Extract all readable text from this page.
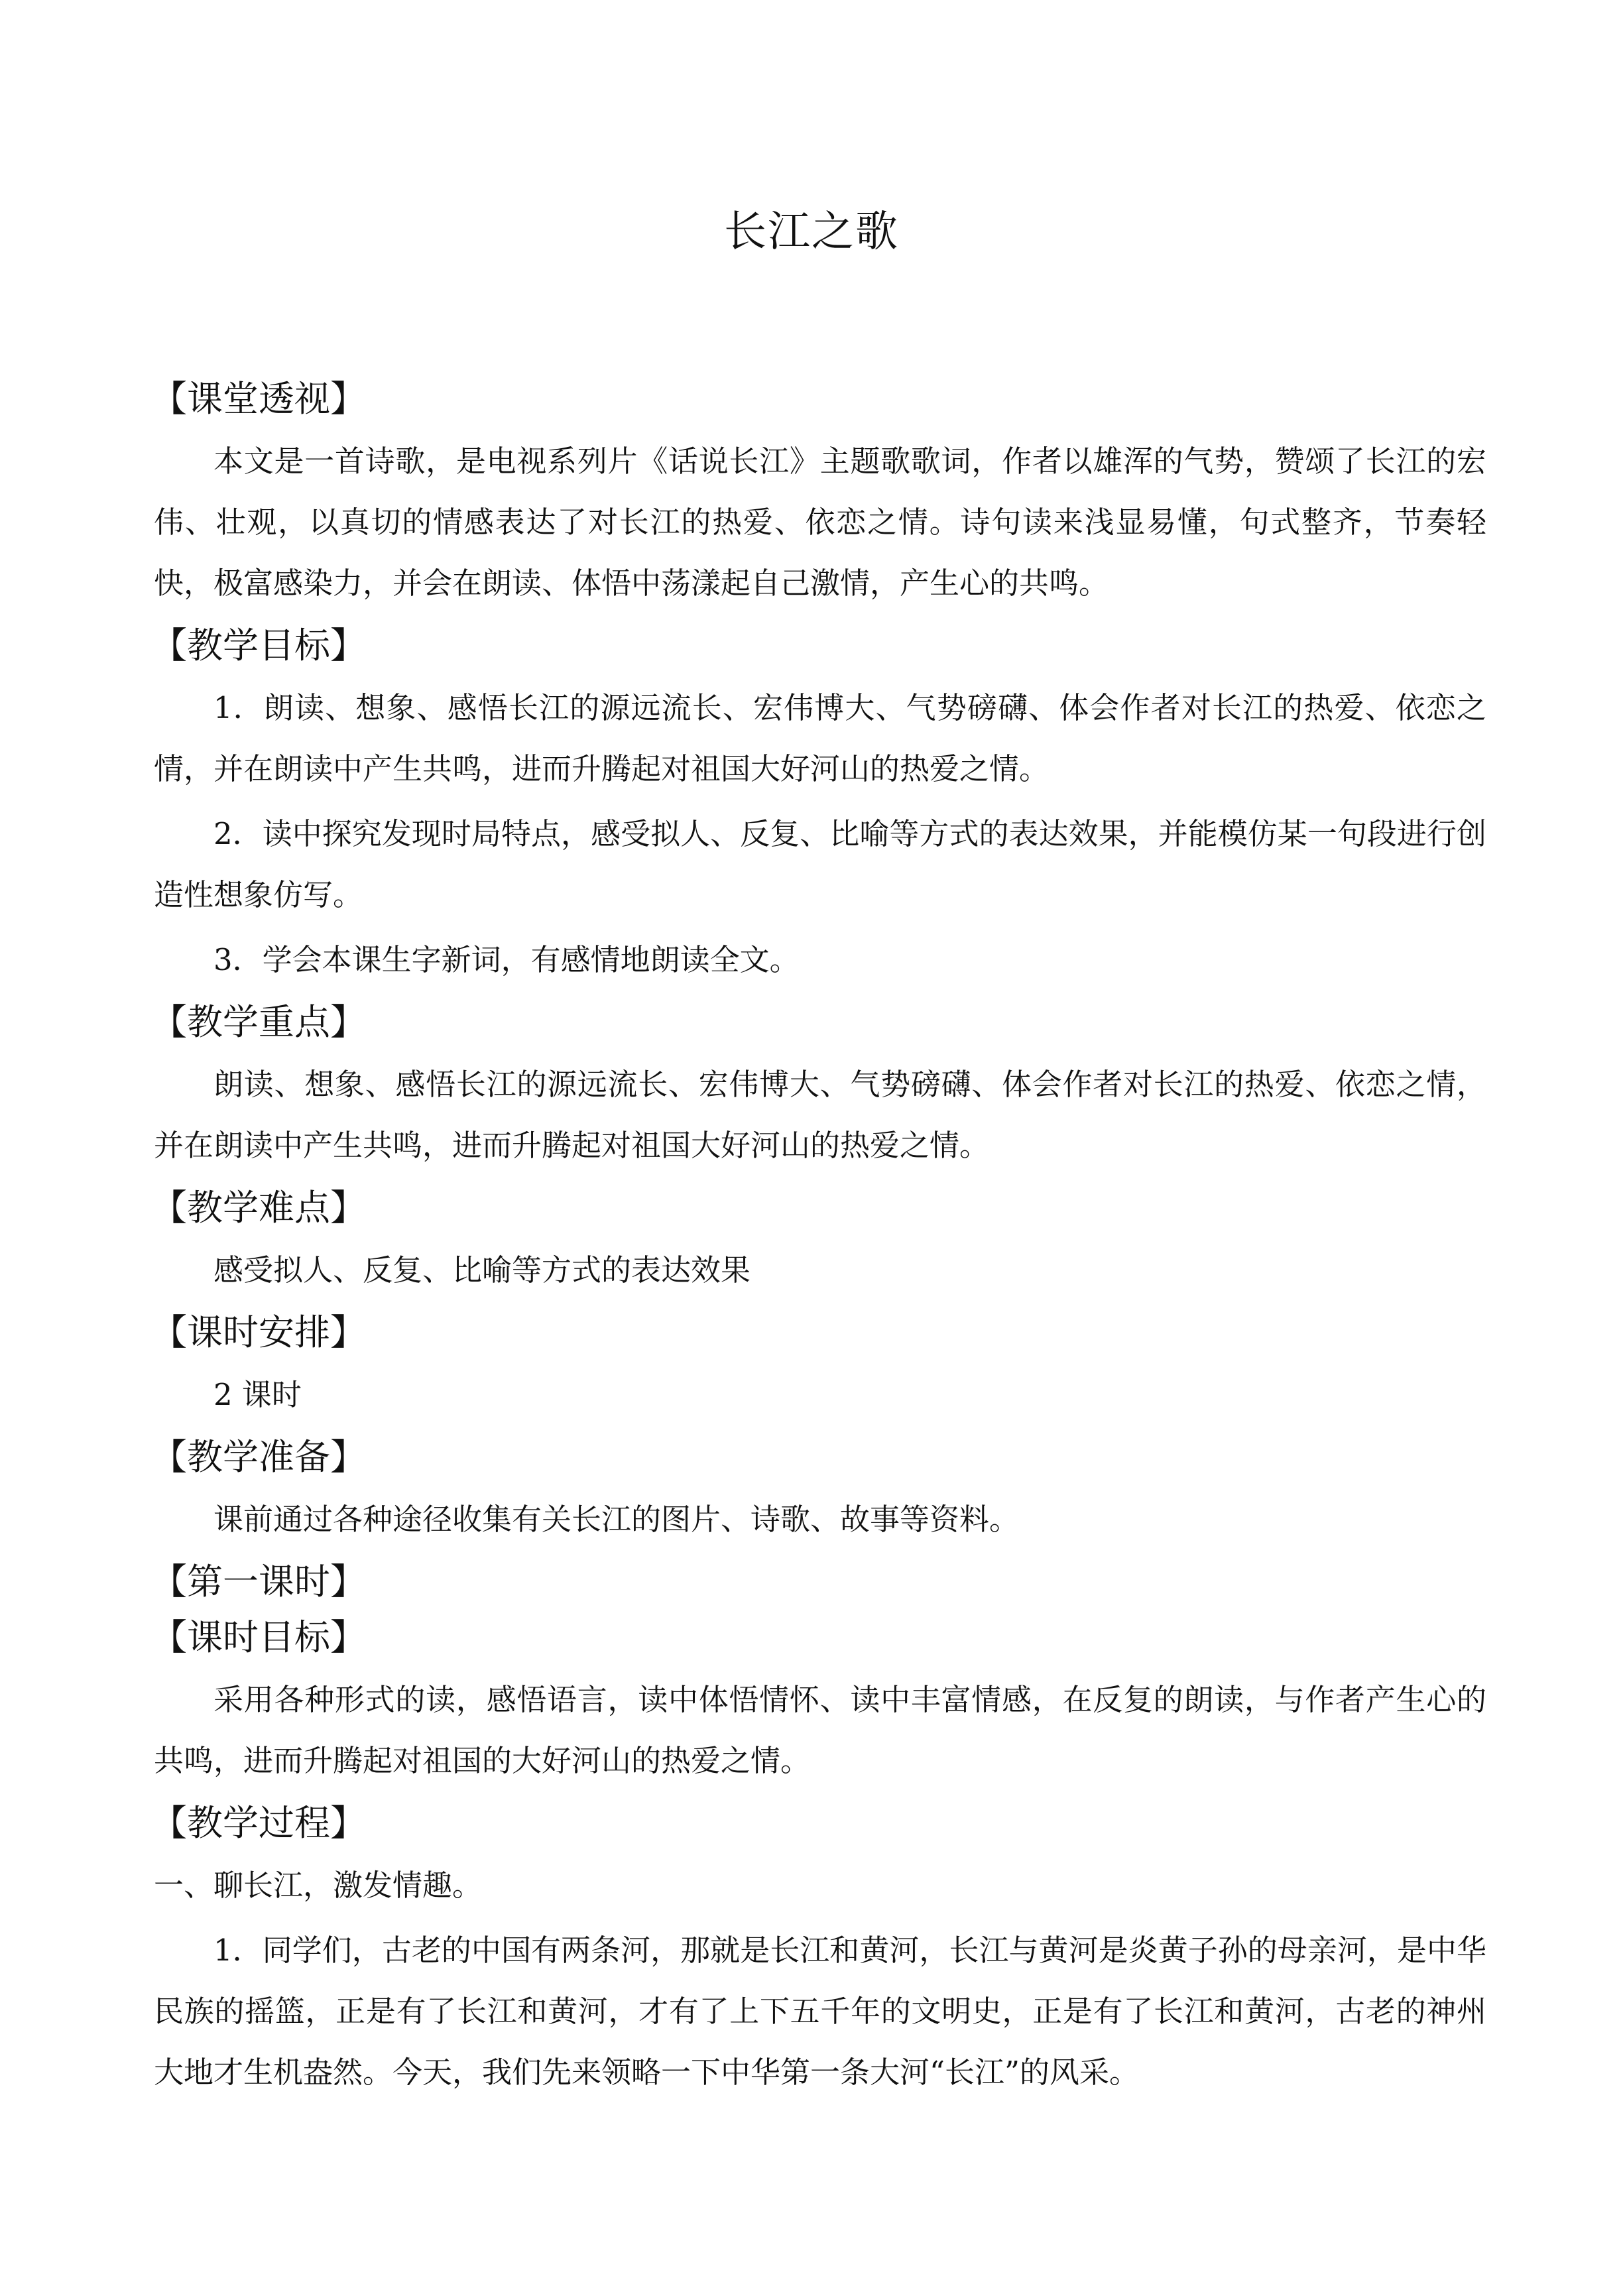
长江之歌
【课堂透视】
本文是一首诗歌，是电视系列片《话说长江》主题歌歌词，作者以雄浑的气势，赞颂了长江的宏伟、壮观，以真切的情感表达了对长江的热爱、依恋之情。诗句读来浅显易懂，句式整齐，节奏轻快，极富感染力，并会在朗读、体悟中荡漾起自己激情，产生心的共鸣。
【教学目标】
1．朗读、想象、感悟长江的源远流长、宏伟博大、气势磅礴、体会作者对长江的热爱、依恋之情，并在朗读中产生共鸣，进而升腾起对祖国大好河山的热爱之情。
2．读中探究发现时局特点，感受拟人、反复、比喻等方式的表达效果，并能模仿某一句段进行创造性想象仿写。
3．学会本课生字新词，有感情地朗读全文。
【教学重点】
朗读、想象、感悟长江的源远流长、宏伟博大、气势磅礴、体会作者对长江的热爱、依恋之情，并在朗读中产生共鸣，进而升腾起对祖国大好河山的热爱之情。
【教学难点】
感受拟人、反复、比喻等方式的表达效果
【课时安排】
2 课时
【教学准备】
课前通过各种途径收集有关长江的图片、诗歌、故事等资料。
【第一课时】
【课时目标】
采用各种形式的读，感悟语言，读中体悟情怀、读中丰富情感，在反复的朗读，与作者产生心的共鸣，进而升腾起对祖国的大好河山的热爱之情。
【教学过程】
一、聊长江，激发情趣。
1．同学们，古老的中国有两条河，那就是长江和黄河，长江与黄河是炎黄子孙的母亲河，是中华民族的摇篮，正是有了长江和黄河，才有了上下五千年的文明史，正是有了长江和黄河，古老的神州大地才生机盎然。今天，我们先来领略一下中华第一条大河“长江”的风采。
